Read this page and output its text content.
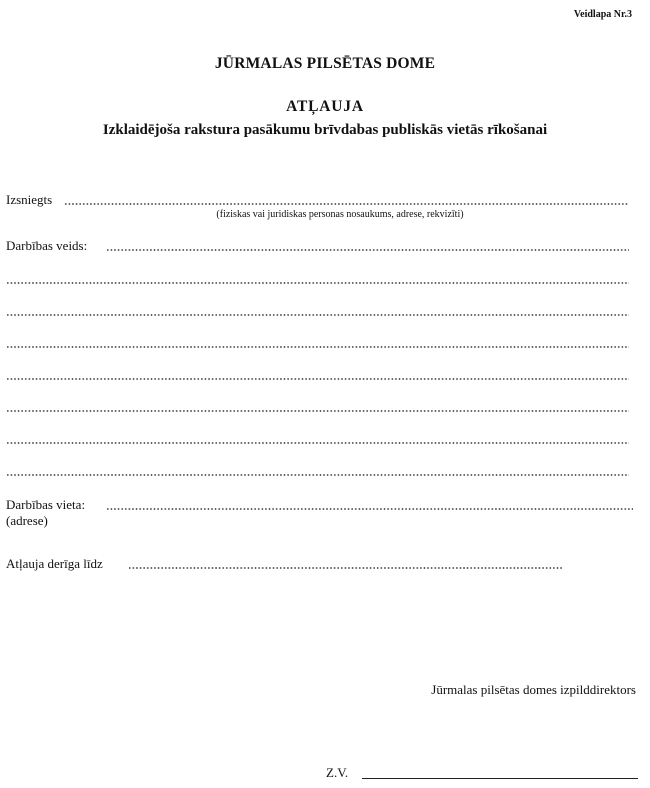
Veidlapa Nr.3
JŪRMALAS PILSĒTAS DOME
ATĻAUJA
Izklaidējoša rakstura pasākumu brīvdabas publiskās vietās rīkošanai
Izsniegts
(fiziskas vai juridiskas personas nosaukums, adrese, rekvizīti)
Darbības veids:
Darbības vieta:
(adrese)
Atļauja derīga līdz
Jūrmalas pilsētas domes izpilddirektors
Z.V.
